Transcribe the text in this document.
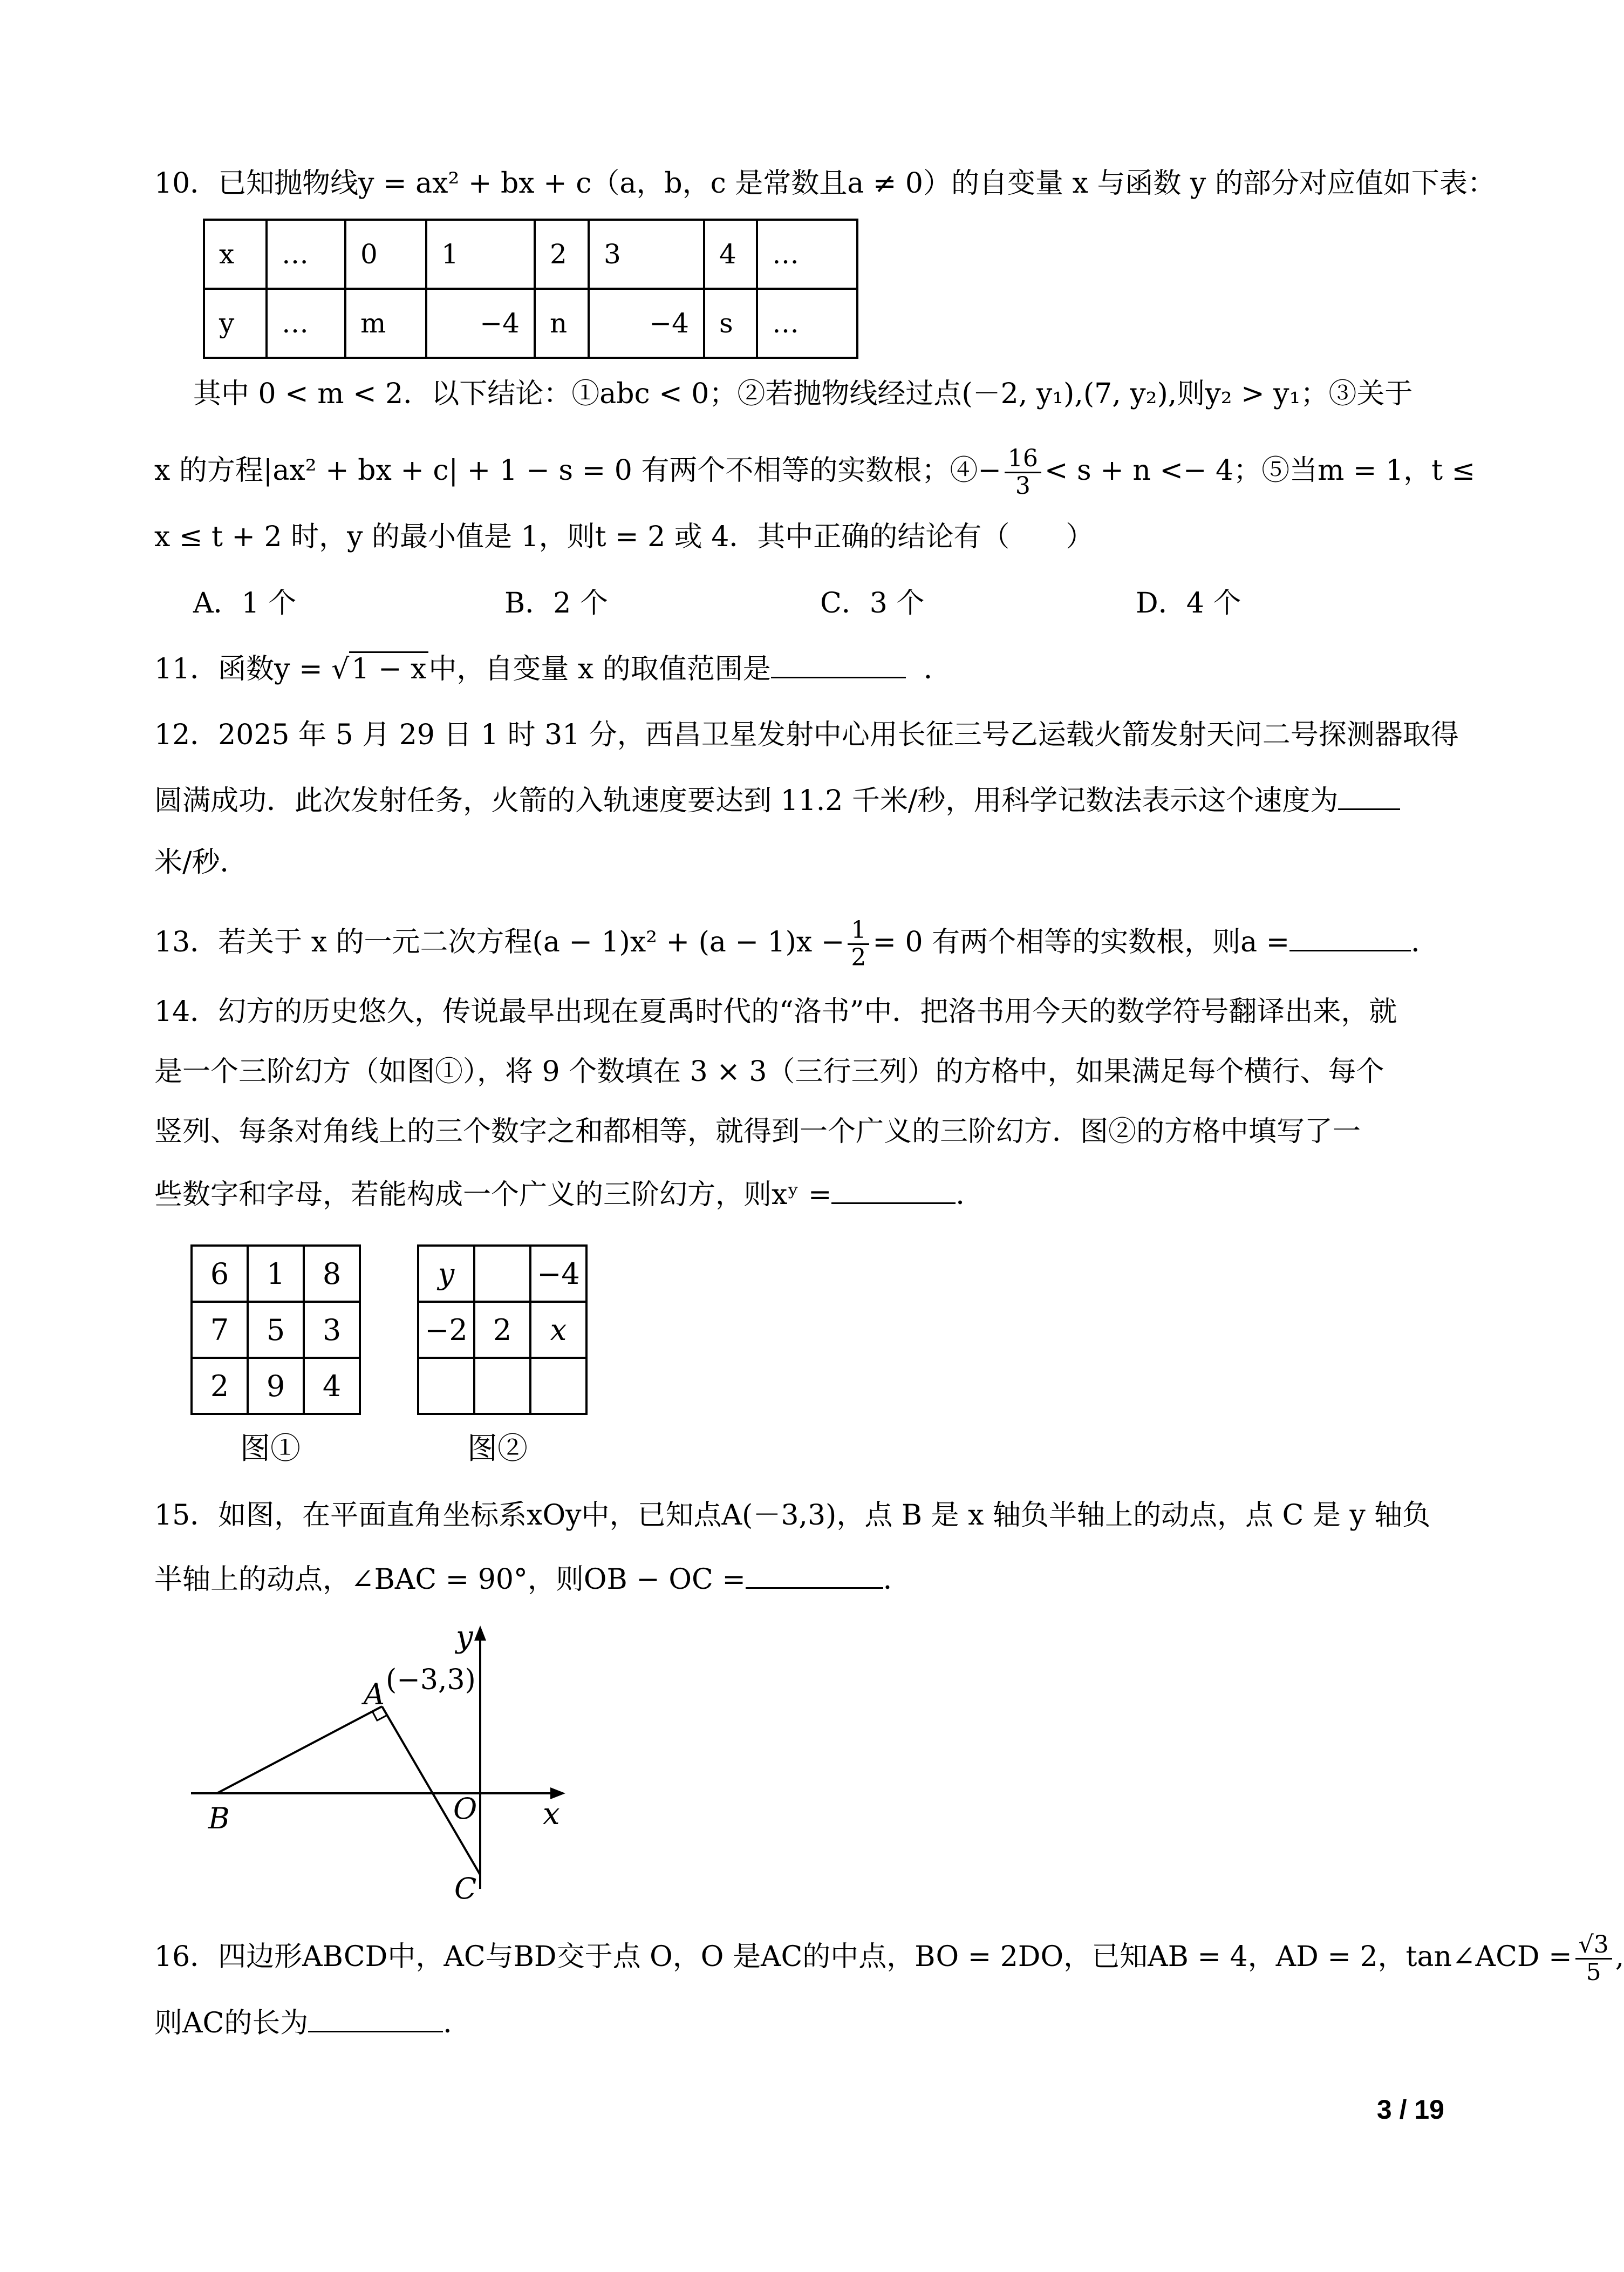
10．已知抛物线y = ax² + bx + c（a，b，c 是常数且a ≠ 0）的自变量 x 与函数 y 的部分对应值如下表：
x	…	0	1	2	3	4	…
y	…	m	−4	n	−4	s	…
其中 0 < m < 2．以下结论：①abc < 0；②若抛物线经过点(－2, y₁),(7, y₂),则y₂ > y₁；③关于
x 的方程|ax² + bx + c| + 1 − s = 0 有两个不相等的实数根；④− $\frac{16}{3} < s + n <- 4$；⑤当m = 1，t ≤
x ≤ t + 2 时，y 的最小值是 1，则t = 2 或 4．其中正确的结论有（　　）
A．1 个	B．2 个	C．3 个	D．4 个
11．函数y = √1 − x中，自变量 x 的取值范围是	．
12．2025 年 5 月 29 日 1 时 31 分，西昌卫星发射中心用长征三号乙运载火箭发射天问二号探测器取得
圆满成功．此次发射任务，火箭的入轨速度要达到 11.2 千米/秒，用科学记数法表示这个速度为
米/秒．
13．若关于 x 的一元二次方程$(a - 1)x^2 + (a - 1)x - \frac{1}{2} = 0$ 有两个相等的实数根，则a =	．
14．幻方的历史悠久，传说最早出现在夏禹时代的“洛书”中．把洛书用今天的数学符号翻译出来，就
是一个三阶幻方（如图①），将 9 个数填在 3 × 3（三行三列）的方格中，如果满足每个横行、每个
竖列、每条对角线上的三个数字之和都相等，就得到一个广义的三阶幻方．图②的方格中填写了一
些数字和字母，若能构成一个广义的三阶幻方，则xʸ =	．
6	1	8
7	5	3
2	9	4
图①
y		−4
−2	2	x

图②
15．如图，在平面直角坐标系xOy中，已知点A(－3,3)，点 B 是 x 轴负半轴上的动点，点 C 是 y 轴负
半轴上的动点，∠BAC = 90°，则OB − OC =	．
y
x
A (−3,3)
B	O
C
16．四边形ABCD中，AC与BD交于点 O，O 是AC的中点，BO = 2DO，已知AB = 4，AD = 2，tan∠ACD = $\frac{√3}{5}$ ,
则AC的长为	．
3 / 19
